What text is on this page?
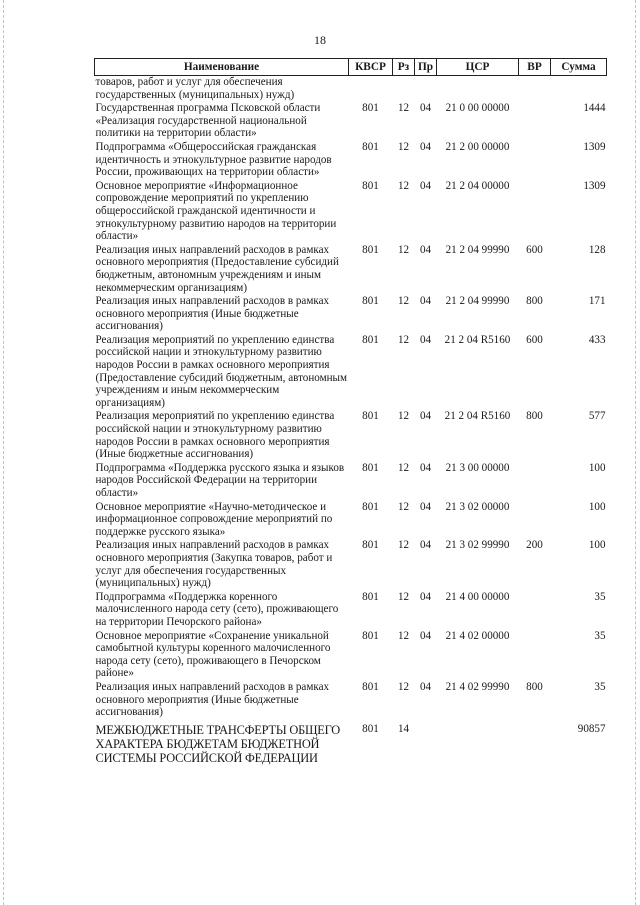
18
Наименование	КВСР	Рз	Пр	ЦСР	ВР	Сумма
товаров, работ и услуг для обеспечения государственных (муниципальных) нужд)						
Государственная программа Псковской области «Реализация государственной национальной политики на территории области»	801	12	04	21 0 00 00000		1444
Подпрограмма «Общероссийская гражданская идентичность и этнокультурное развитие народов России, проживающих на территории области»	801	12	04	21 2 00 00000		1309
Основное мероприятие «Информационное сопровождение мероприятий по укреплению общероссийской гражданской идентичности и этнокультурному развитию народов на территории области»	801	12	04	21 2 04 00000		1309
Реализация иных направлений расходов в рамках основного мероприятия (Предоставление субсидий бюджетным, автономным учреждениям и иным некоммерческим организациям)	801	12	04	21 2 04 99990	600	128
Реализация иных направлений расходов в рамках основного мероприятия (Иные бюджетные ассигнования)	801	12	04	21 2 04 99990	800	171
Реализация мероприятий по укреплению единства российской нации и этнокультурному развитию народов России в рамках основного мероприятия (Предоставление субсидий бюджетным, автономным учреждениям и иным некоммерческим организациям)	801	12	04	21 2 04 R5160	600	433
Реализация мероприятий по укреплению единства российской нации и этнокультурному развитию народов России в рамках основного мероприятия (Иные бюджетные ассигнования)	801	12	04	21 2 04 R5160	800	577
Подпрограмма «Поддержка русского языка и языков народов Российской Федерации на территории области»	801	12	04	21 3 00 00000		100
Основное мероприятие «Научно-методическое и информационное сопровождение мероприятий по поддержке русского языка»	801	12	04	21 3 02 00000		100
Реализация иных направлений расходов в рамках основного мероприятия (Закупка товаров, работ и услуг для обеспечения государственных (муниципальных) нужд)	801	12	04	21 3 02 99990	200	100
Подпрограмма «Поддержка коренного малочисленного народа сету (сето), проживающего на территории Печорского района»	801	12	04	21 4 00 00000		35
Основное мероприятие «Сохранение уникальной самобытной культуры коренного малочисленного народа сету (сето), проживающего в Печорском районе»	801	12	04	21 4 02 00000		35
Реализация иных направлений расходов в рамках основного мероприятия (Иные бюджетные ассигнования)	801	12	04	21 4 02 99990	800	35
МЕЖБЮДЖЕТНЫЕ ТРАНСФЕРТЫ ОБЩЕГО ХАРАКТЕРА БЮДЖЕТАМ БЮДЖЕТНОЙ СИСТЕМЫ РОССИЙСКОЙ ФЕДЕРАЦИИ	801	14				90857
